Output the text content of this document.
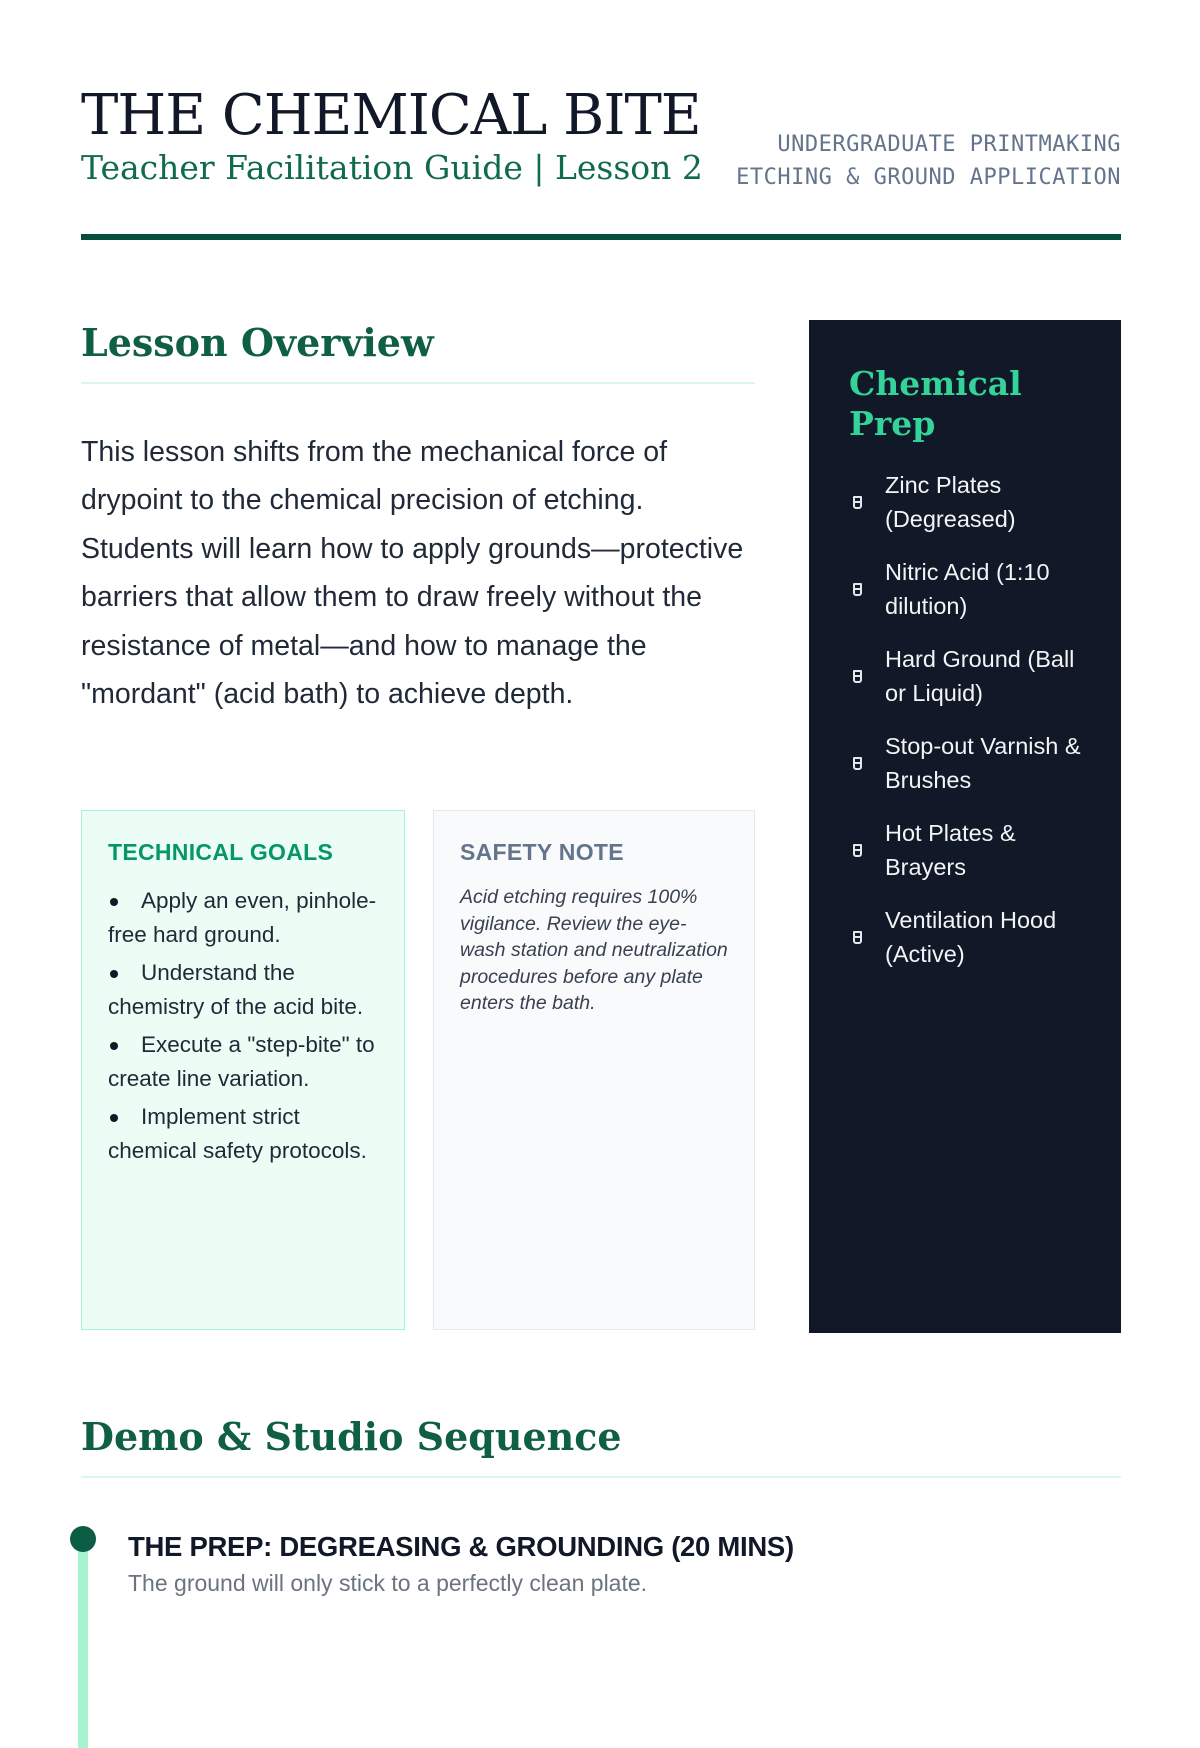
THE CHEMICAL BITE
Teacher Facilitation Guide | Lesson 2
UNDERGRADUATE PRINTMAKING
ETCHING & GROUND APPLICATION
Lesson Overview

This lesson shifts from the mechanical force of drypoint to the chemical precision of etching. Students will learn how to apply grounds—protective barriers that allow them to draw freely without the resistance of metal—and how to manage the "mordant" (acid bath) to achieve depth.

TECHNICAL GOALS
Apply an even, pinhole-free hard ground.
Understand the chemistry of the acid bite.
Execute a "step-bite" to create line variation.
Implement strict chemical safety protocols.
SAFETY NOTE
Acid etching requires 100% vigilance. Review the eye-wash station and neutralization procedures before any plate enters the bath.
Chemical Prep
Zinc Plates (Degreased)
Nitric Acid (1:10 dilution)
Hard Ground (Ball or Liquid)
Stop-out Varnish & Brushes
Hot Plates & Brayers
Ventilation Hood (Active)
Demo & Studio Sequence
THE PREP: DEGREASING & GROUNDING (20 MINS)
The ground will only stick to a perfectly clean plate.
